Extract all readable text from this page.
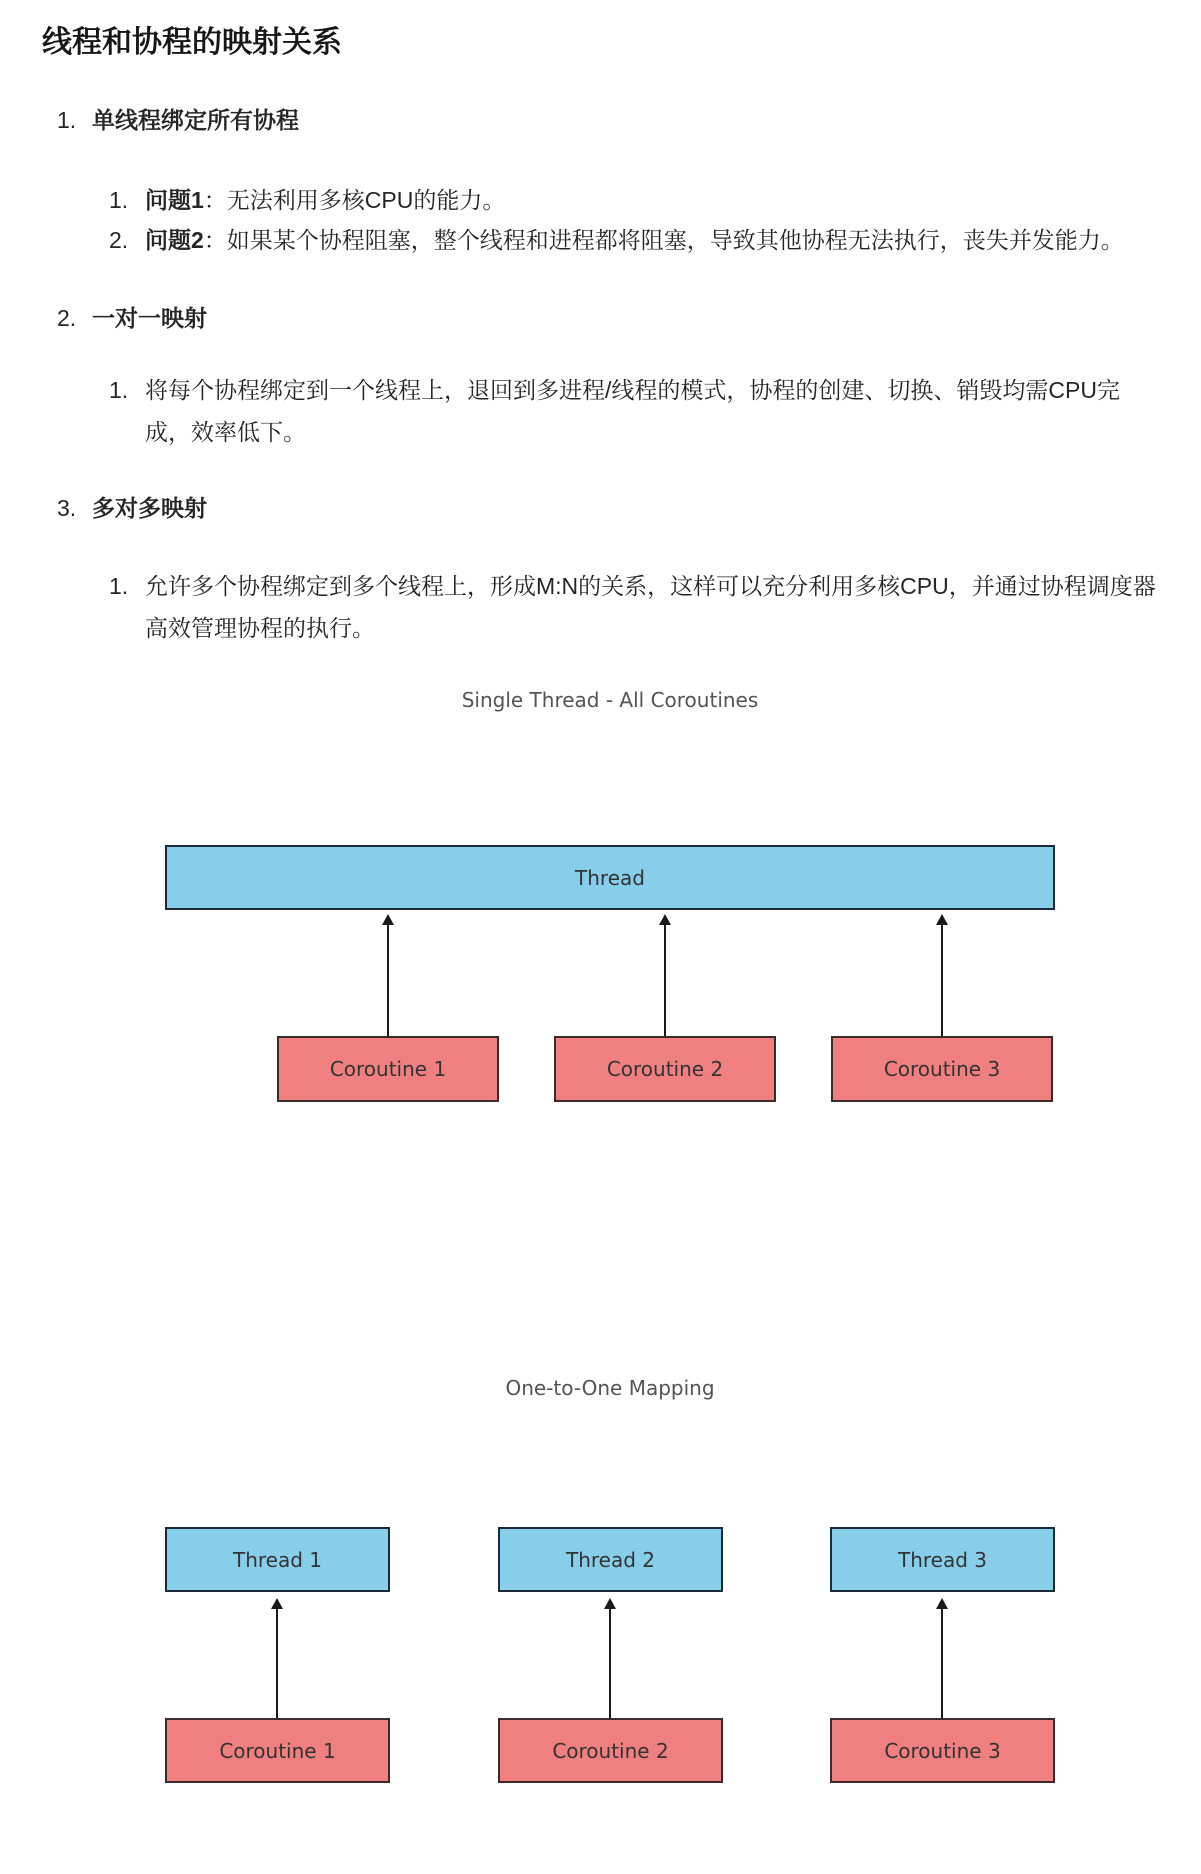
线程和协程的映射关系
1. 单线程绑定所有协程
1. 问题1：无法利用多核CPU的能力。
2. 问题2：如果某个协程阻塞，整个线程和进程都将阻塞，导致其他协程无法执行，丧失并发能力。
2. 一对一映射
1. 将每个协程绑定到一个线程上，退回到多进程/线程的模式，协程的创建、切换、销毁均需CPU完成，效率低下。
3. 多对多映射
1. 允许多个协程绑定到多个线程上，形成M:N的关系，这样可以充分利用多核CPU，并通过协程调度器高效管理协程的执行。
Single Thread - All Coroutines
Thread
Coroutine 1	Coroutine 2	Coroutine 3
One-to-One Mapping
Thread 1	Thread 2	Thread 3
Coroutine 1	Coroutine 2	Coroutine 3
